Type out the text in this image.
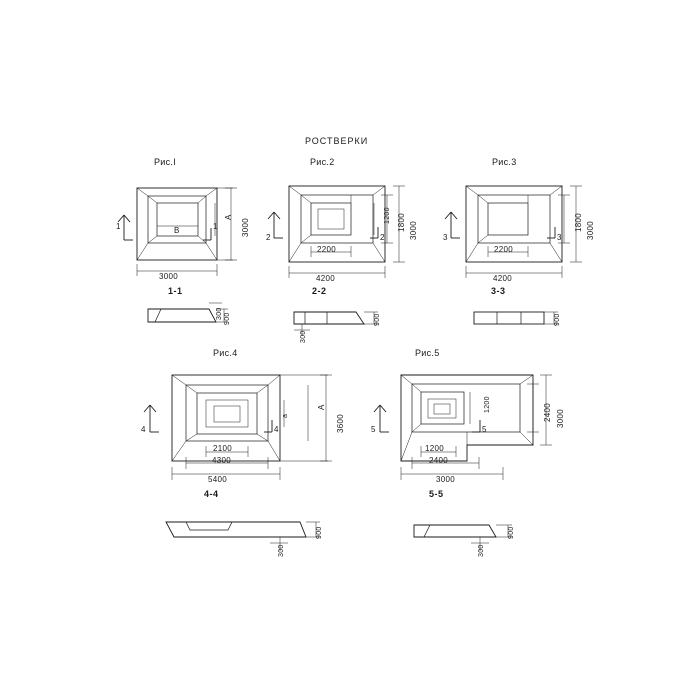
РОСТВЕРКИ
Рис.I
1	1
3000
B	3000
A
1-1
900
300
Рис.2
2	2
4200
2200
3000
1800
1200
2-2
900
300
Рис.3
3	3
4200
2200
3000
1800
3-3
900
Рис.4
4	4
5400
4300
2100
3600
A
a
4-4
900
300
Рис.5
5	5
3000
2400
1200
3000
2400
1200
5-5
900
300
